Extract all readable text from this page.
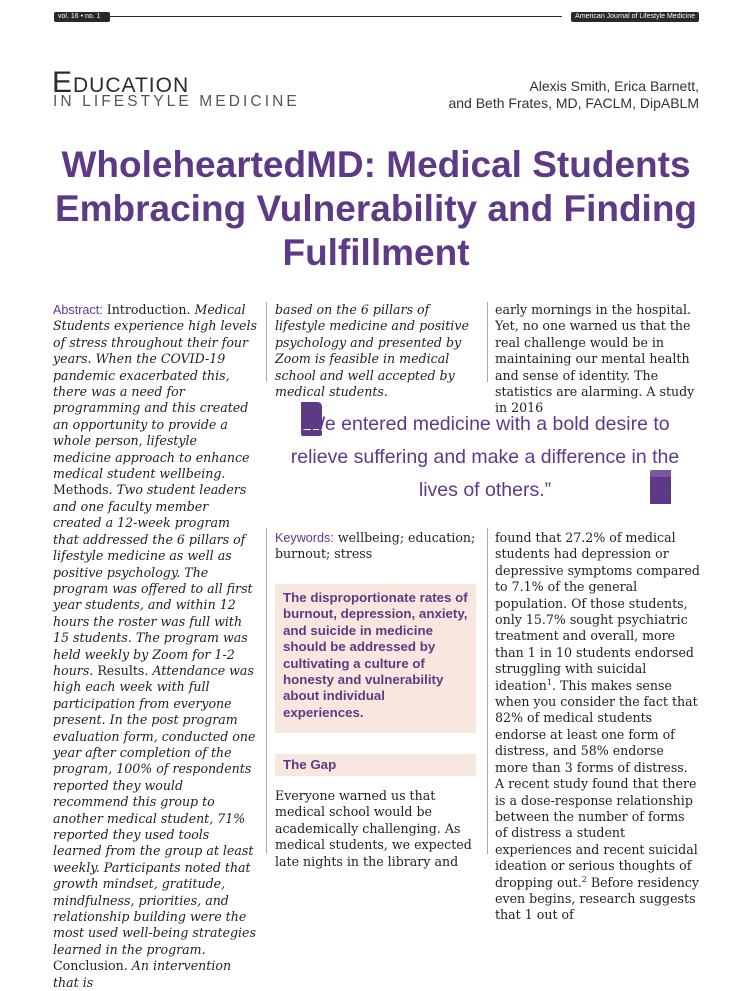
vol. 16 • no. 1	American Journal of Lifestyle Medicine
Education
IN LIFESTYLE MEDICINE
Alexis Smith, Erica Barnett,
and Beth Frates, MD, FACLM, DipABLM
WholeheartedMD: Medical Students Embracing Vulnerability and Finding Fulfillment
Abstract: Introduction. Medical Students experience high levels of stress throughout their four years. When the COVID-19 pandemic exacerbated this, there was a need for programming and this created an opportunity to provide a whole person, lifestyle medicine approach to enhance medical student wellbeing. Methods. Two student leaders and one faculty member created a 12-week program that addressed the 6 pillars of lifestyle medicine as well as positive psychology. The program was offered to all first year students, and within 12 hours the roster was full with 15 students. The program was held weekly by Zoom for 1-2 hours. Results. Attendance was high each week with full participation from everyone present. In the post program evaluation form, conducted one year after completion of the program, 100% of respondents reported they would recommend this group to another medical student, 71% reported they used tools learned from the group at least weekly. Participants noted that growth mindset, gratitude, mindfulness, priorities, and relationship building were the most used well-being strategies learned in the program. Conclusion. An intervention that is
based on the 6 pillars of lifestyle medicine and positive psychology and presented by Zoom is feasible in medical school and well accepted by medical students.
early mornings in the hospital. Yet, no one warned us that the real challenge would be in maintaining our mental health and sense of identity. The statistics are alarming. A study in 2016
“We entered medicine with a bold desire to relieve suffering and make a difference in the lives of others.”
Keywords: wellbeing; education; burnout; stress
The disproportionate rates of burnout, depression, anxiety, and suicide in medicine should be addressed by cultivating a culture of honesty and vulnerability about individual experiences.
The Gap
Everyone warned us that medical school would be academically challenging. As medical students, we expected late nights in the library and
found that 27.2% of medical students had depression or depressive symptoms compared to 7.1% of the general population. Of those students, only 15.7% sought psychiatric treatment and overall, more than 1 in 10 students endorsed struggling with suicidal ideation$^1$. This makes sense when you consider the fact that 82% of medical students endorse at least one form of distress, and 58% endorse more than 3 forms of distress. A recent study found that there is a dose-response relationship between the number of forms of distress a student experiences and recent suicidal ideation or serious thoughts of dropping out.$^2$ Before residency even begins, research suggests that 1 out of
